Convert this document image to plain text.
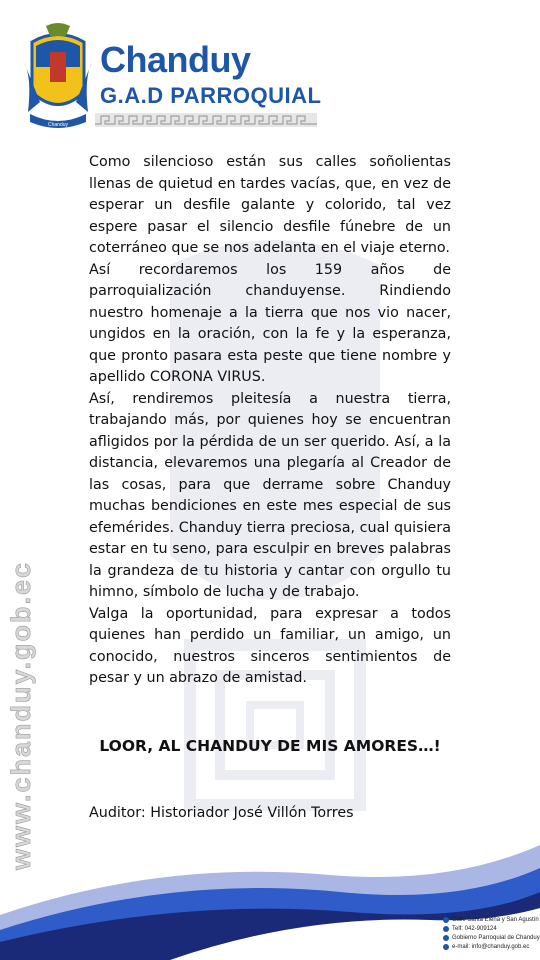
Chanduy
Chanduy
G.A.D PARROQUIAL
www.chanduy.gob.ec

Como silencioso están sus calles soñolientas llenas de quietud en tardes vacías, que, en vez de esperar un desfile galante y colorido, tal vez espere pasar el silencio desfile fúnebre de un coterráneo que se nos adelanta en el viaje eterno.

Así recordaremos los 159 años de parroquialización chanduyense. Rindiendo nuestro homenaje a la tierra que nos vio nacer, ungidos en la oración, con la fe y la esperanza, que pronto pasara esta peste que tiene nombre y apellido CORONA VIRUS.

Así, rendiremos pleitesía a nuestra tierra, trabajando más, por quienes hoy se encuentran afligidos por la pérdida de un ser querido. Así, a la distancia, elevaremos una plegaría al Creador de las cosas, para que derrame sobre Chanduy muchas bendiciones en este mes especial de sus efemérides. Chanduy tierra preciosa, cual quisiera estar en tu seno, para esculpir en breves palabras la grandeza de tu historia y cantar con orgullo tu himno, símbolo de lucha y de trabajo.

Valga la oportunidad, para expresar a todos quienes han perdido un familiar, un amigo, un conocido, nuestros sinceros sentimientos de pesar y un abrazo de amistad.

LOOR, AL CHANDUY DE MIS AMORES…!
Auditor: Historiador José Villón Torres
Calle Santa Elena y San Agustín
Telf: 042-909124
Gobierno Parroquial de Chanduy
e-mail: info@chanduy.gob.ec
